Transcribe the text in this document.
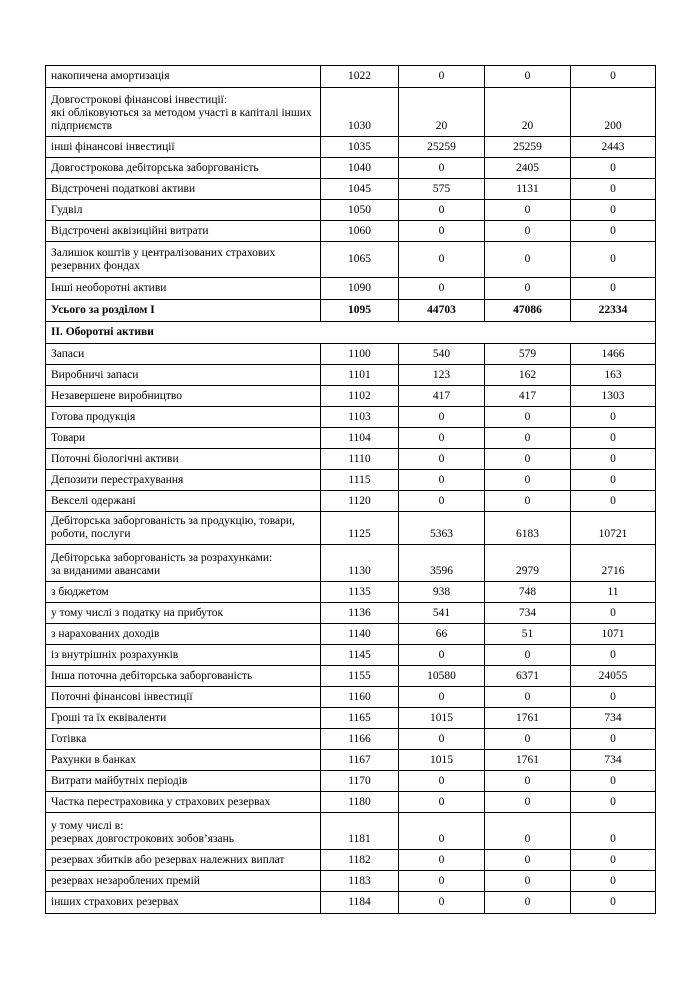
накопичена амортизація	1022	0	0	0
Довгострокові фінансові інвестиції:
які обліковуються за методом участі в капіталі інших підприємств	1030	20	20	200
інші фінансові інвестиції	1035	25259	25259	2443
Довгострокова дебіторська заборгованість	1040	0	2405	0
Відстрочені податкові активи	1045	575	1131	0
Гудвіл	1050	0	0	0
Відстрочені аквізиційні витрати	1060	0	0	0
Залишок коштів у централізованих страхових резервних фондах	1065	0	0	0
Інші необоротні активи	1090	0	0	0
Усього за розділом І	1095	44703	47086	22334
ІІ. Оборотні активи				
Запаси	1100	540	579	1466
Виробничі запаси	1101	123	162	163
Незавершене виробництво	1102	417	417	1303
Готова продукція	1103	0	0	0
Товари	1104	0	0	0
Поточні біологічні активи	1110	0	0	0
Депозити перестрахування	1115	0	0	0
Векселі одержані	1120	0	0	0
Дебіторська заборгованість за продукцію, товари, роботи, послуги	1125	5363	6183	10721
Дебіторська заборгованість за розрахунками:
за виданими авансами	1130	3596	2979	2716
з бюджетом	1135	938	748	11
у тому числі з податку на прибуток	1136	541	734	0
з нарахованих доходів	1140	66	51	1071
із внутрішніх розрахунків	1145	0	0	0
Інша поточна дебіторська заборгованість	1155	10580	6371	24055
Поточні фінансові інвестиції	1160	0	0	0
Гроші та їх еквіваленти	1165	1015	1761	734
Готівка	1166	0	0	0
Рахунки в банках	1167	1015	1761	734
Витрати майбутніх періодів	1170	0	0	0
Частка перестраховика у страхових резервах	1180	0	0	0
у тому числі в:
резервах довгострокових зобов’язань	1181	0	0	0
резервах збитків або резервах належних виплат	1182	0	0	0
резервах незароблених премій	1183	0	0	0
інших страхових резервах	1184	0	0	0
